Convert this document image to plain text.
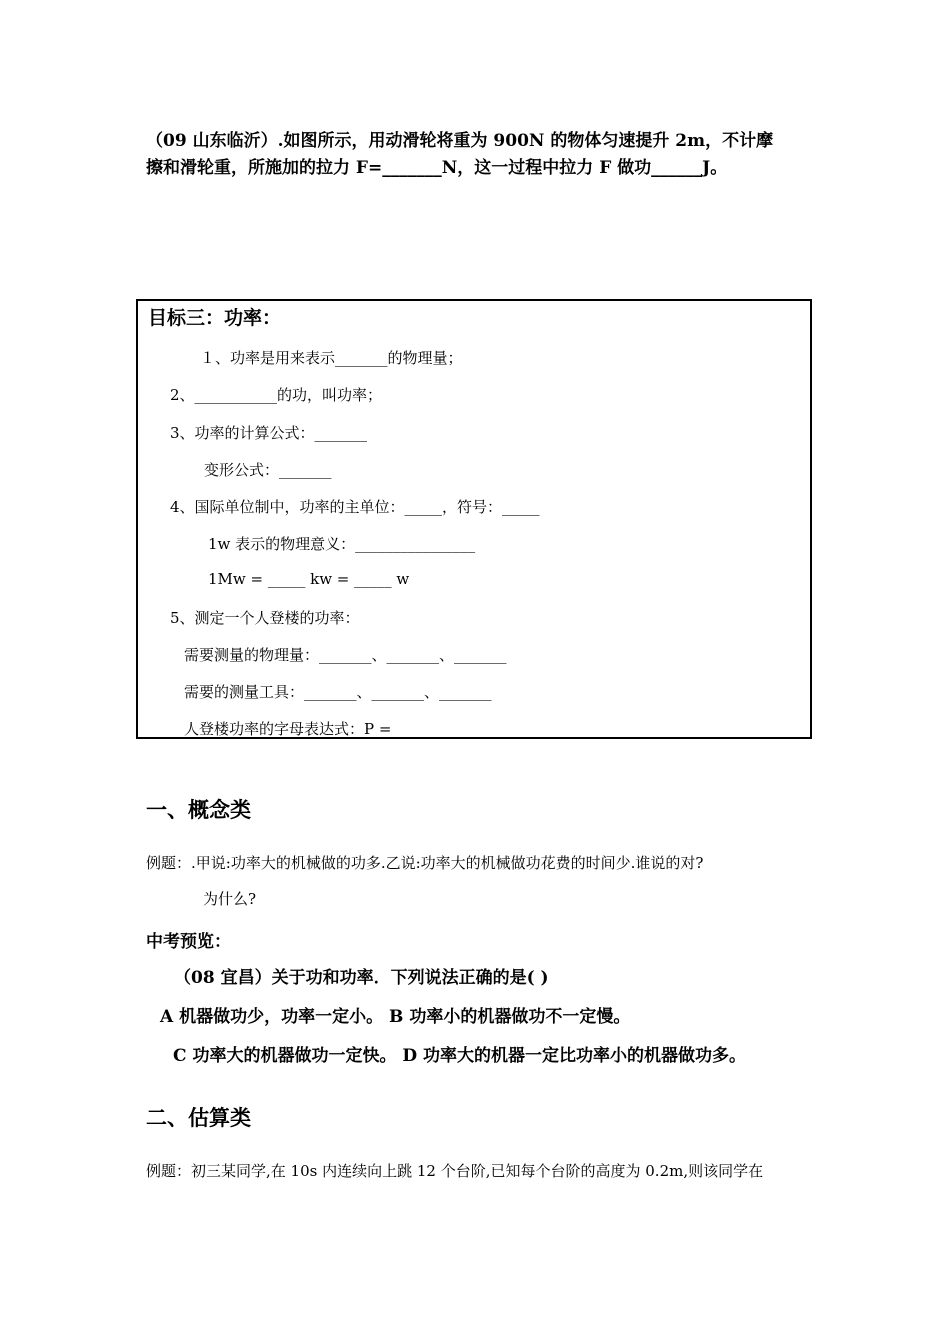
（09 山东临沂）.如图所示，用动滑轮将重为 900N 的物体匀速提升 2m，不计摩
擦和滑轮重，所施加的拉力 F=_______N，这一过程中拉力 F 做功______J。
目标三：功率：
１、功率是用来表示_______的物理量；
2、___________的功，叫功率；
3、功率的计算公式：_______
变形公式：_______
4、国际单位制中，功率的主单位：_____，符号：_____
1w 表示的物理意义：________________
1Mw = _____ kw = _____ w
5、测定一个人登楼的功率：
需要测量的物理量：_______、_______、_______
需要的测量工具：_______、_______、_______
人登楼功率的字母表达式：P = _______
一、概念类
例题：.甲说:功率大的机械做的功多.乙说:功率大的机械做功花费的时间少.谁说的对?
为什么?
中考预览：
（08 宜昌）关于功和功率．下列说法正确的是( )
A 机器做功少，功率一定小。 B 功率小的机器做功不一定慢。
C 功率大的机器做功一定快。 D 功率大的机器一定比功率小的机器做功多。
二、估算类
例题：初三某同学,在 10s 内连续向上跳 12 个台阶,已知每个台阶的高度为 0.2m,则该同学在
